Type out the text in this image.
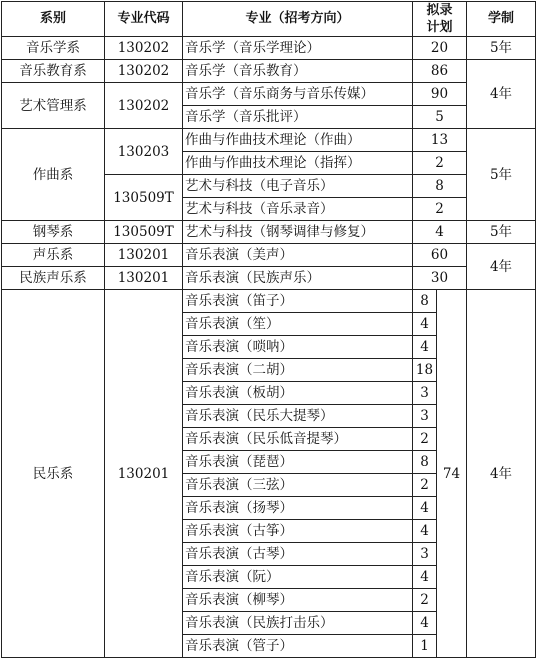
系别	专业代码	专业（招考方向）	拟录
计划		学制
音乐学系	130202	音乐学（音乐学理论）	20		5年
音乐教育系	130202	音乐学（音乐教育）	86		4年
艺术管理系	130202	音乐学（音乐商务与音乐传媒）	90		
		音乐学（音乐批评）	5		
作曲系	130203	作曲与作曲技术理论（作曲）	13		5年
		作曲与作曲技术理论（指挥）	2		
	130509T	艺术与科技（电子音乐）	8		
		艺术与科技（音乐录音）	2		
钢琴系	130509T	艺术与科技（钢琴调律与修复）	4		5年
声乐系	130201	音乐表演（美声）	60		4年
民族声乐系	130201	音乐表演（民族声乐）	30		
民乐系	130201	音乐表演（笛子）	8	74	4年
		音乐表演（笙）	4		
		音乐表演（唢呐）	4		
		音乐表演（二胡）	18		
		音乐表演（板胡）	3		
		音乐表演（民乐大提琴）	3		
		音乐表演（民乐低音提琴）	2		
		音乐表演（琵琶）	8		
		音乐表演（三弦）	2		
		音乐表演（扬琴）	4		
		音乐表演（古筝）	4		
		音乐表演（古琴）	3		
		音乐表演（阮）	4		
		音乐表演（柳琴）	2		
		音乐表演（民族打击乐）	4		
		音乐表演（管子）	1		
